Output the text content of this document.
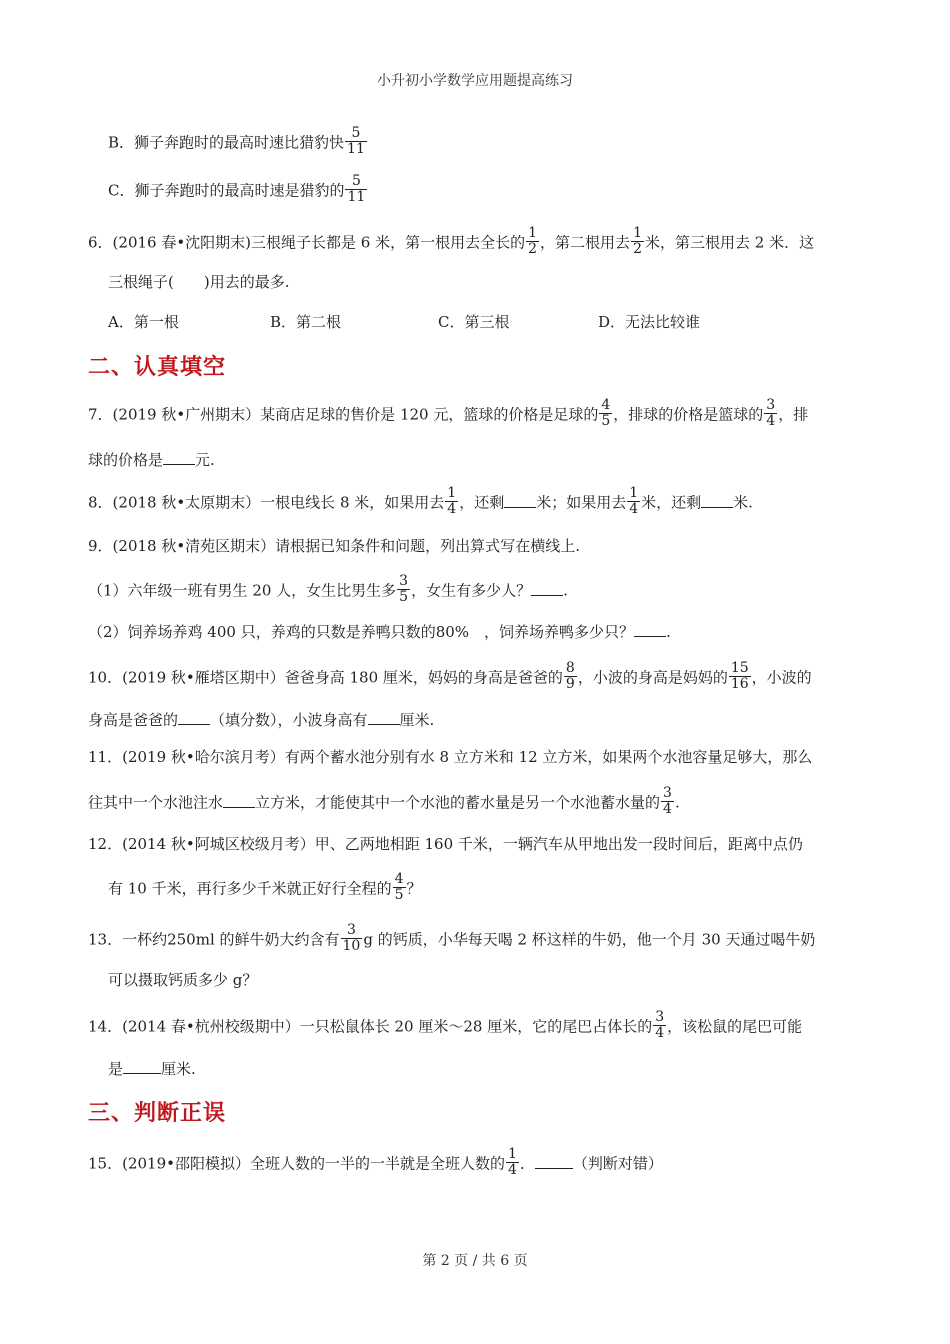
小升初小学数学应用题提高练习
B．狮子奔跑时的最高时速比猎豹快 $\frac{5}{11}$
C．狮子奔跑时的最高时速是猎豹的 $\frac{5}{11}$
6．(2016 春•沈阳期末)三根绳子长都是 6 米，第一根用去全长的 $\frac{1}{2}$ ，第二根用去 $\frac{1}{2}$ 米，第三根用去 2 米．这
三根绳子(　　)用去的最多.
A．第一根	B．第二根	C．第三根	D．无法比较谁
二、认真填空
7．(2019 秋•广州期末）某商店足球的售价是 120 元，篮球的价格是足球的 $\frac{4}{5}$ ，排球的价格是篮球的 $\frac{3}{4}$ ，排
球的价格是 元.
8．(2018 秋•太原期末）一根电线长 8 米，如果用去 $\frac{1}{4}$ ，还剩 米；如果用去 $\frac{1}{4}$ 米，还剩 米.
9．(2018 秋•清苑区期末）请根据已知条件和问题，列出算式写在横线上.
（1）六年级一班有男生 20 人，女生比男生多 $\frac{3}{5}$ ，女生有多少人？ .
（2）饲养场养鸡 400 只，养鸡的只数是养鸭只数的80%　，饲养场养鸭多少只？ .
10．(2019 秋•雁塔区期中）爸爸身高 180 厘米，妈妈的身高是爸爸的 $\frac{8}{9}$ ，小波的身高是妈妈的 $\frac{15}{16}$ ，小波的
身高是爸爸的 （填分数），小波身高有 厘米.
11．(2019 秋•哈尔滨月考）有两个蓄水池分别有水 8 立方米和 12 立方米，如果两个水池容量足够大，那么
往其中一个水池注水 立方米，才能使其中一个水池的蓄水量是另一个水池蓄水量的 $\frac{3}{4}$ .
12．(2014 秋•阿城区校级月考）甲、乙两地相距 160 千米，一辆汽车从甲地出发一段时间后，距离中点仍
有 10 千米，再行多少千米就正好行全程的 $\frac{4}{5}$ ？
13．一杯约250ml 的鲜牛奶大约含有 $\frac{3}{10}$ g 的钙质，小华每天喝 2 杯这样的牛奶，他一个月 30 天通过喝牛奶
可以摄取钙质多少 g？
14．(2014 春•杭州校级期中）一只松鼠体长 20 厘米～28 厘米，它的尾巴占体长的 $\frac{3}{4}$ ，该松鼠的尾巴可能
是	厘米.
三、判断正误
15．(2019•邵阳模拟）全班人数的一半的一半就是全班人数的 $\frac{1}{4}$ ．	（判断对错）
第 2 页 / 共 6 页
